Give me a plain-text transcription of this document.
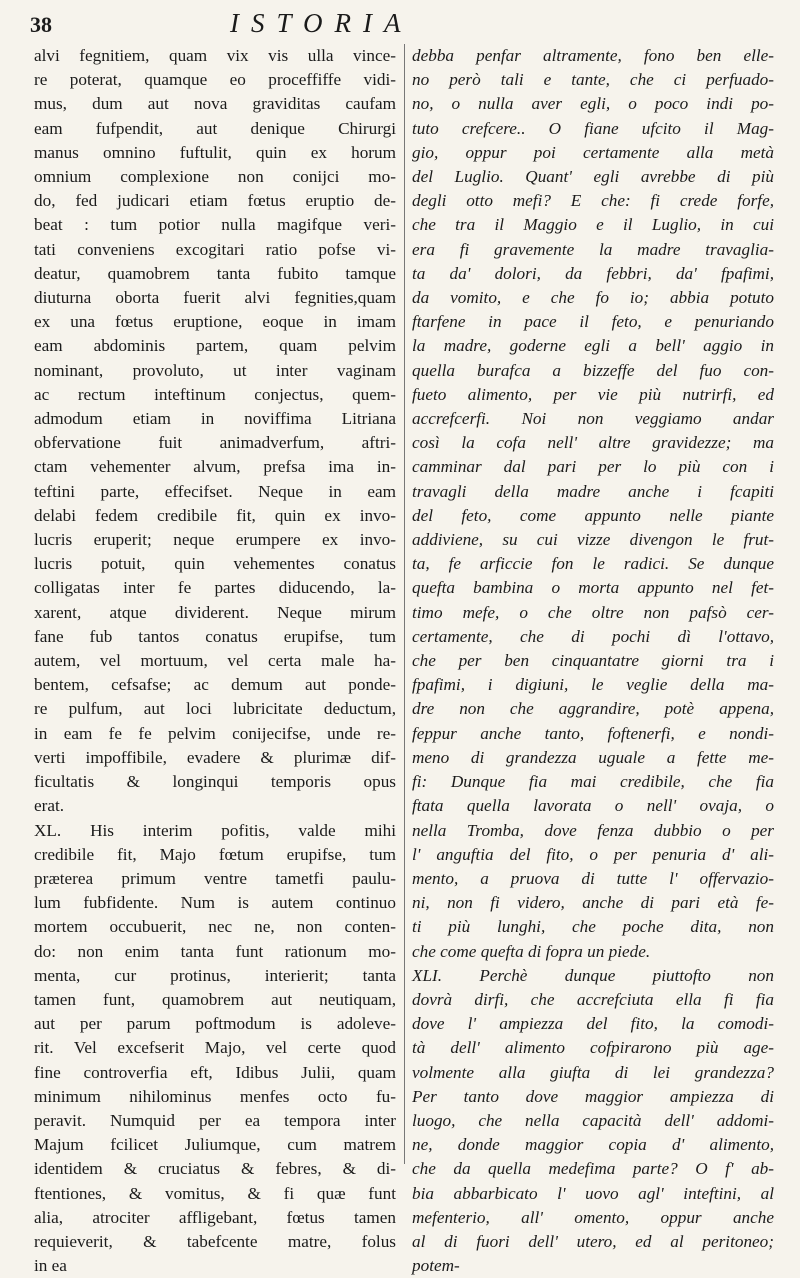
38	ISTORIA
alvi fegnitiem, quam vix vis ulla vince-
re poterat, quamque eo proceffiffe vidi-
mus, dum aut nova graviditas caufam
eam fufpendit, aut denique Chirurgi
manus omnino fuftulit, quin ex horum
omnium complexione non conijci mo-
do, fed judicari etiam fœtus eruptio de-
beat : tum potior nulla magifque veri-
tati conveniens excogitari ratio pofse vi-
deatur, quamobrem tanta fubito tamque
diuturna oborta fuerit alvi fegnities,quam
ex una fœtus eruptione, eoque in imam
eam abdominis partem, quam pelvim
nominant, provoluto, ut inter vaginam
ac rectum inteftinum conjectus, quem-
admodum etiam in noviffima Litriana
obfervatione fuit animadverfum, aftri-
ctam vehementer alvum, prefsa ima in-
teftini parte, effecifset. Neque in eam
delabi fedem credibile fit, quin ex invo-
lucris eruperit; neque erumpere ex invo-
lucris potuit, quin vehementes conatus
colligatas inter fe partes diducendo, la-
xarent, atque dividerent. Neque mirum
fane fub tantos conatus erupifse, tum
autem, vel mortuum, vel certa male ha-
bentem, cefsafse; ac demum aut ponde-
re pulfum, aut loci lubricitate deductum,
in eam fe fe pelvim conijecifse, unde re-
verti impoffibile, evadere & plurimæ dif-
ficultatis & longinqui temporis opus
erat.
XL. His interim pofitis, valde mihi
credibile fit, Majo fœtum erupifse, tum
præterea primum ventre tametfi paulu-
lum fubfidente. Num is autem continuo
mortem occubuerit, nec ne, non conten-
do: non enim tanta funt rationum mo-
menta, cur protinus, interierit; tanta
tamen funt, quamobrem aut neutiquam,
aut per parum poftmodum is adoleve-
rit. Vel excefserit Majo, vel certe quod
fine controverfia eft, Idibus Julii, quam
minimum nihilominus menfes octo fu-
peravit. Numquid per ea tempora inter
Majum fcilicet Juliumque, cum matrem
identidem & cruciatus & febres, & di-
ftentiones, & vomitus, & fi quæ funt
alia, atrociter affligebant, fœtus tamen
requieverit, & tabefcente matre, folus
in ea
debba penfar altramente, fono ben elle-
no però tali e tante, che ci perfuado-
no, o nulla aver egli, o poco indi po-
tuto crefcere.. O fiane ufcito il Mag-
gio, oppur poi certamente alla metà
del Luglio. Quant' egli avrebbe di più
degli otto mefi? E che: fi crede forfe,
che tra il Maggio e il Luglio, in cui
era fi gravemente la madre travaglia-
ta da' dolori, da febbri, da' fpafimi,
da vomito, e che fo io; abbia potuto
ftarfene in pace il feto, e penuriando
la madre, goderne egli a bell' aggio in
quella burafca a bizzeffe del fuo con-
fueto alimento, per vie più nutrirfi, ed
accrefcerfi. Noi non veggiamo andar
così la cofa nell' altre gravidezze; ma
camminar dal pari per lo più con i
travagli della madre anche i fcapiti
del feto, come appunto nelle piante
addiviene, su cui vizze divengon le frut-
ta, fe arficcie fon le radici. Se dunque
quefta bambina o morta appunto nel fet-
timo mefe, o che oltre non pafsò cer-
certamente, che di pochi dì l'ottavo,
che per ben cinquantatre giorni tra i
fpafimi, i digiuni, le veglie della ma-
dre non che aggrandire, potè appena,
feppur anche tanto, foftenerfi, e nondi-
meno di grandezza uguale a fette me-
fi: Dunque fia mai credibile, che fia
ftata quella lavorata o nell' ovaja, o
nella Tromba, dove fenza dubbio o per
l' anguftia del fito, o per penuria d' ali-
mento, a pruova di tutte l' offervazio-
ni, non fi videro, anche di pari età fe-
ti più lunghi, che poche dita, non
che come quefta di fopra un piede.
XLI. Perchè dunque piuttofto non
dovrà dirfi, che accrefciuta ella fi fia
dove l' ampiezza del fito, la comodi-
tà dell' alimento cofpirarono più age-
volmente alla giufta di lei grandezza?
Per tanto dove maggior ampiezza di
luogo, che nella capacità dell' addomi-
ne, donde maggior copia d' alimento,
che da quella medefima parte? O f' ab-
bia abbarbicato l' uovo agl' inteftini, al
mefenterio, all' omento, oppur anche
al di fuori dell' utero, ed al peritoneo;
potem-
